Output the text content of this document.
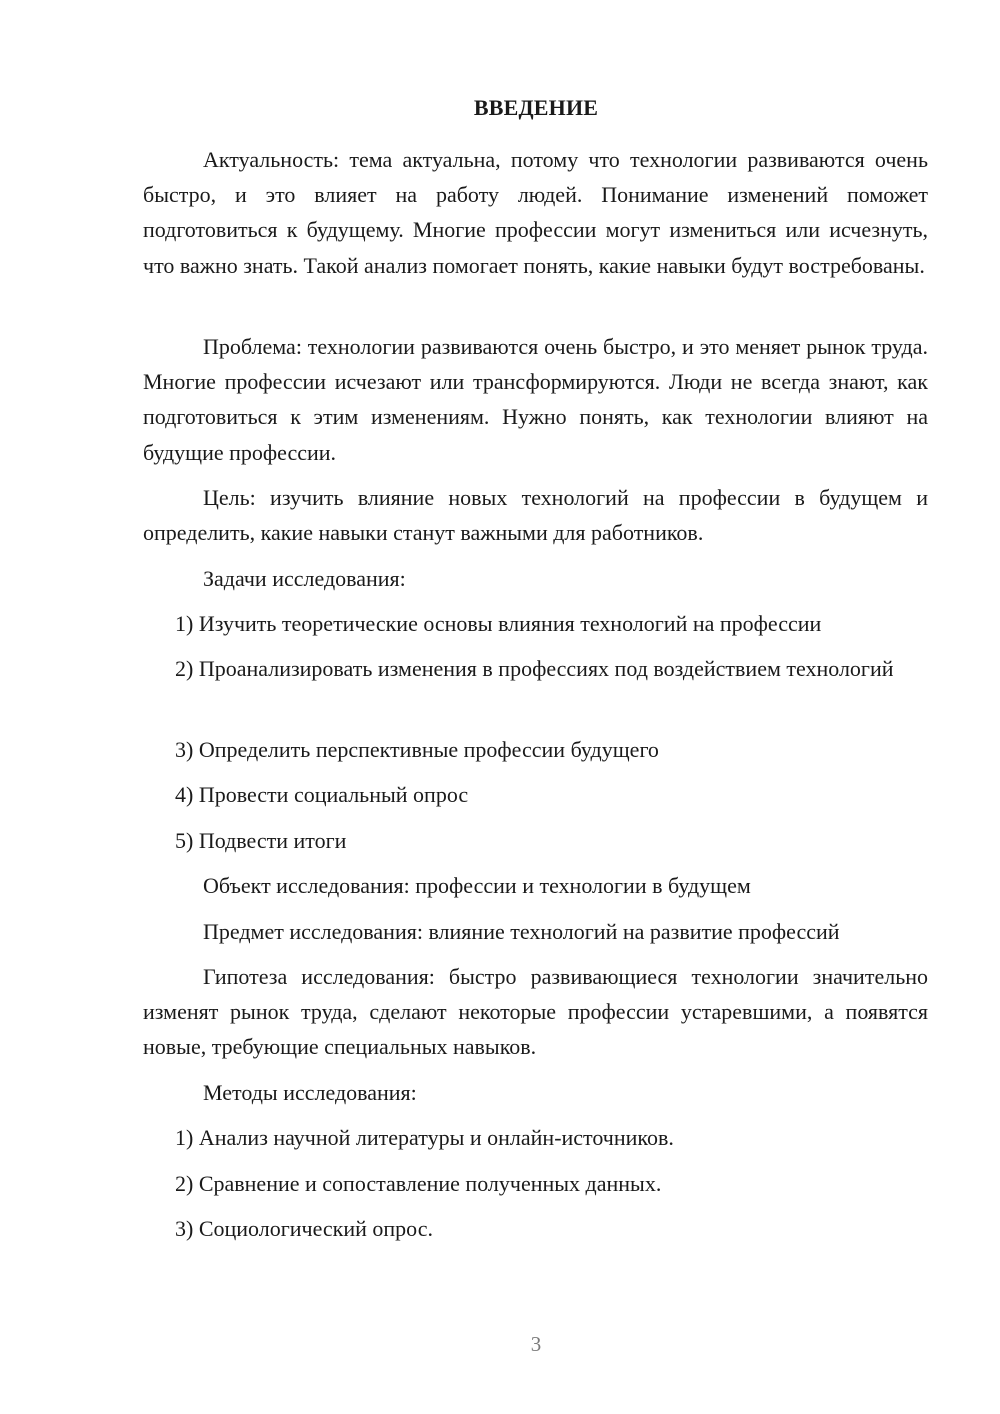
ВВЕДЕНИЕ

Актуальность: тема актуальна, потому что технологии развиваются очень быстро, и это влияет на работу людей. Понимание изменений поможет подготовиться к будущему. Многие профессии могут измениться или исчезнуть, что важно знать. Такой анализ помогает понять, какие навыки будут востребованы.

Проблема: технологии развиваются очень быстро, и это меняет рынок труда. Многие профессии исчезают или трансформируются. Люди не всегда знают, как подготовиться к этим изменениям. Нужно понять, как технологии влияют на будущие профессии.

Цель: изучить влияние новых технологий на профессии в будущем и определить, какие навыки станут важными для работников.

Задачи исследования:

1) Изучить теоретические основы влияния технологий на профессии

2) Проанализировать изменения в профессиях под воздействием технологий

3) Определить перспективные профессии будущего

4) Провести социальный опрос

5) Подвести итоги

Объект исследования: профессии и технологии в будущем

Предмет исследования: влияние технологий на развитие профессий

Гипотеза исследования: быстро развивающиеся технологии значительно изменят рынок труда, сделают некоторые профессии устаревшими, а появятся новые, требующие специальных навыков.

Методы исследования:

1) Анализ научной литературы и онлайн-источников.

2) Сравнение и сопоставление полученных данных.

3) Социологический опрос.

3
